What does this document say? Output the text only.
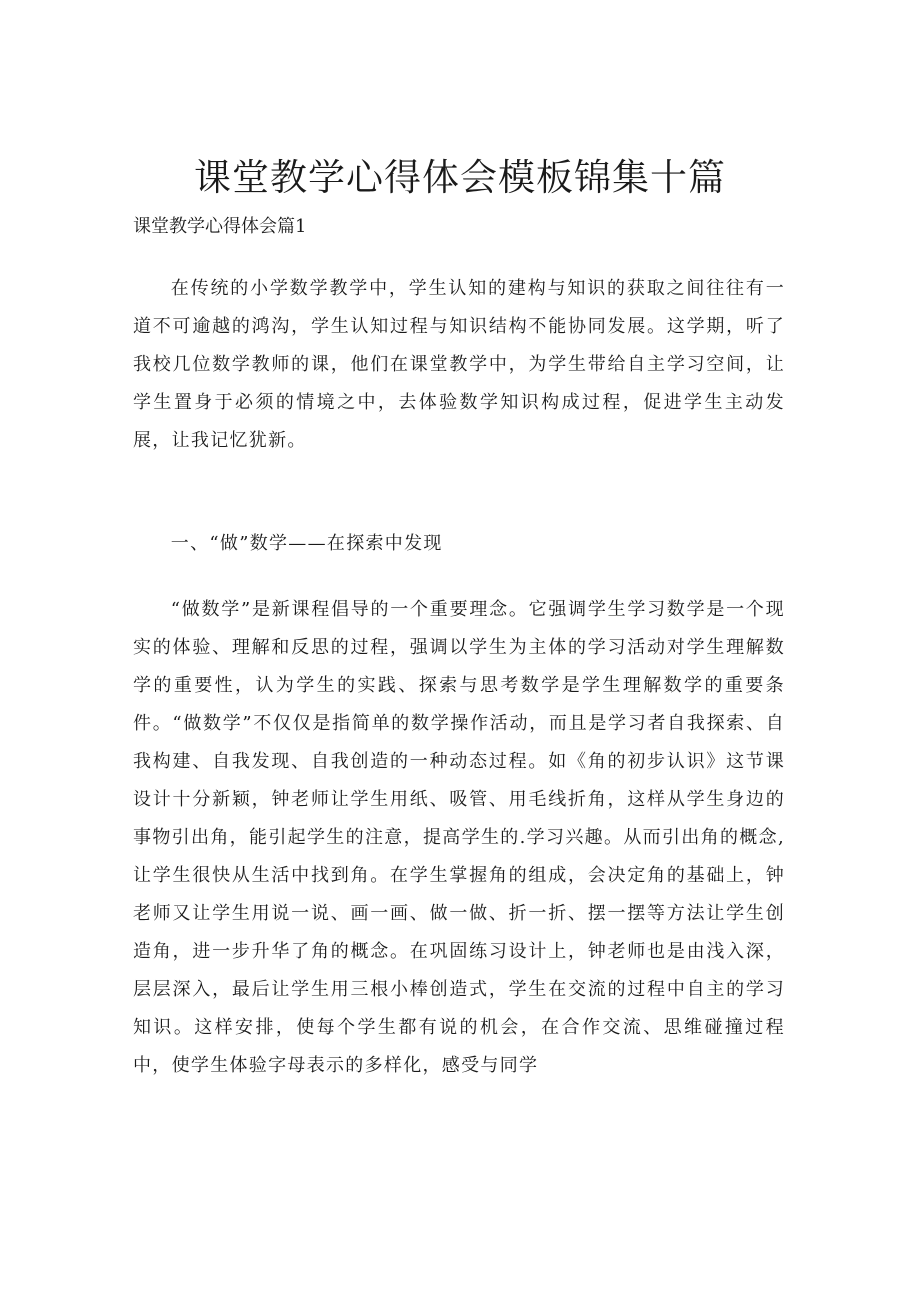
课堂教学心得体会模板锦集十篇
课堂教学心得体会篇1

在传统的小学数学教学中，学生认知的建构与知识的获取之间往往有一道不可逾越的鸿沟，学生认知过程与知识结构不能协同发展。这学期，听了我校几位数学教师的课，他们在课堂教学中，为学生带给自主学习空间，让学生置身于必须的情境之中，去体验数学知识构成过程，促进学生主动发展，让我记忆犹新。

一、“做”数学——在探索中发现

“做数学”是新课程倡导的一个重要理念。它强调学生学习数学是一个现实的体验、理解和反思的过程，强调以学生为主体的学习活动对学生理解数学的重要性，认为学生的实践、探索与思考数学是学生理解数学的重要条件。“做数学”不仅仅是指简单的数学操作活动，而且是学习者自我探索、自我构建、自我发现、自我创造的一种动态过程。如《角的初步认识》这节课设计十分新颖，钟老师让学生用纸、吸管、用毛线折角，这样从学生身边的事物引出角，能引起学生的注意，提高学生的.学习兴趣。从而引出角的概念,让学生很快从生活中找到角。在学生掌握角的组成，会决定角的基础上，钟老师又让学生用说一说、画一画、做一做、折一折、摆一摆等方法让学生创造角，进一步升华了角的概念。在巩固练习设计上，钟老师也是由浅入深，层层深入，最后让学生用三根小棒创造式，学生在交流的过程中自主的学习知识。这样安排，使每个学生都有说的机会，在合作交流、思维碰撞过程中，使学生体验字母表示的多样化，感受与同学
